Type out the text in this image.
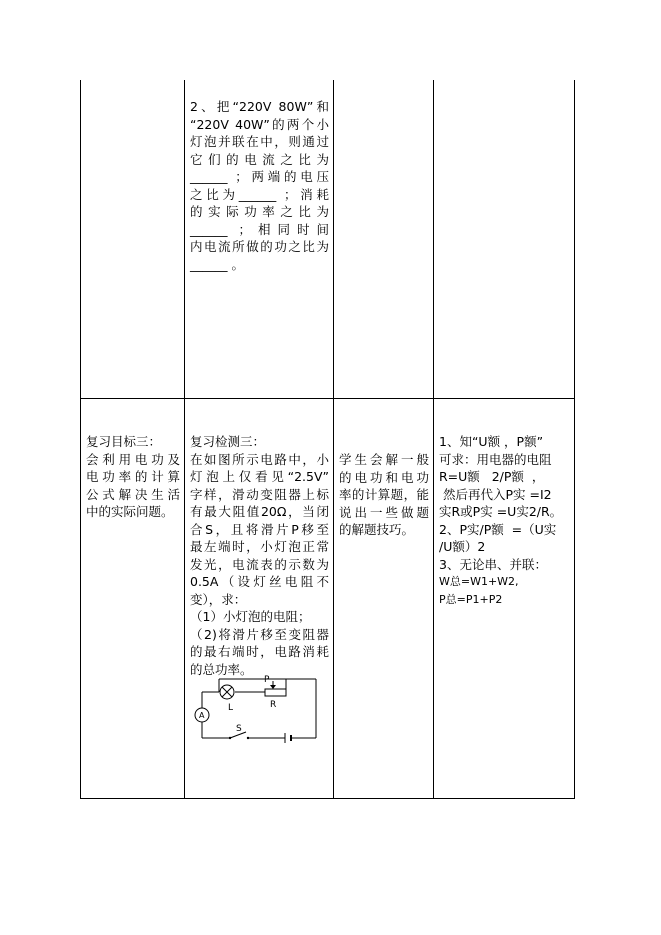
2、把“220V 80W”和

“220V 40W”的两个小

灯泡并联在中，则通过

它们的电流之比为

______ ；两端的电压

之比为______ ；消耗

的实际功率之比为

______ ；相同时间

内电流所做的功之比为

______ 。

复习目标三：

会利用电功及

电功率的计算

公式解决生活

中的实际问题。

复习检测三：

在如图所示电路中，小

灯泡上仅看见“2.5V”

字样，滑动变阻器上标

有最大阻值20Ω，当闭

合S，且将滑片P移至

最左端时，小灯泡正常

发光，电流表的示数为

0.5A（设灯丝电阻不

变），求：

（1）小灯泡的电阻；

（2)将滑片移至变阻器

的最右端时，电路消耗

的总功率。

P
R
L
A
S

学生会解一般

的电功和电功

率的计算题，能

说出一些做题

的解题技巧。

1、知“U额 ，P额”

可求：用电器的电阻

R=U额   2/P额  ，

然后再代入P实 =I2

实R或P实 =U实2/R。

2、P实/P额  =（U实

/U额）2

3、无论串、并联：

W总=W1+W2,

P总=P1+P2
